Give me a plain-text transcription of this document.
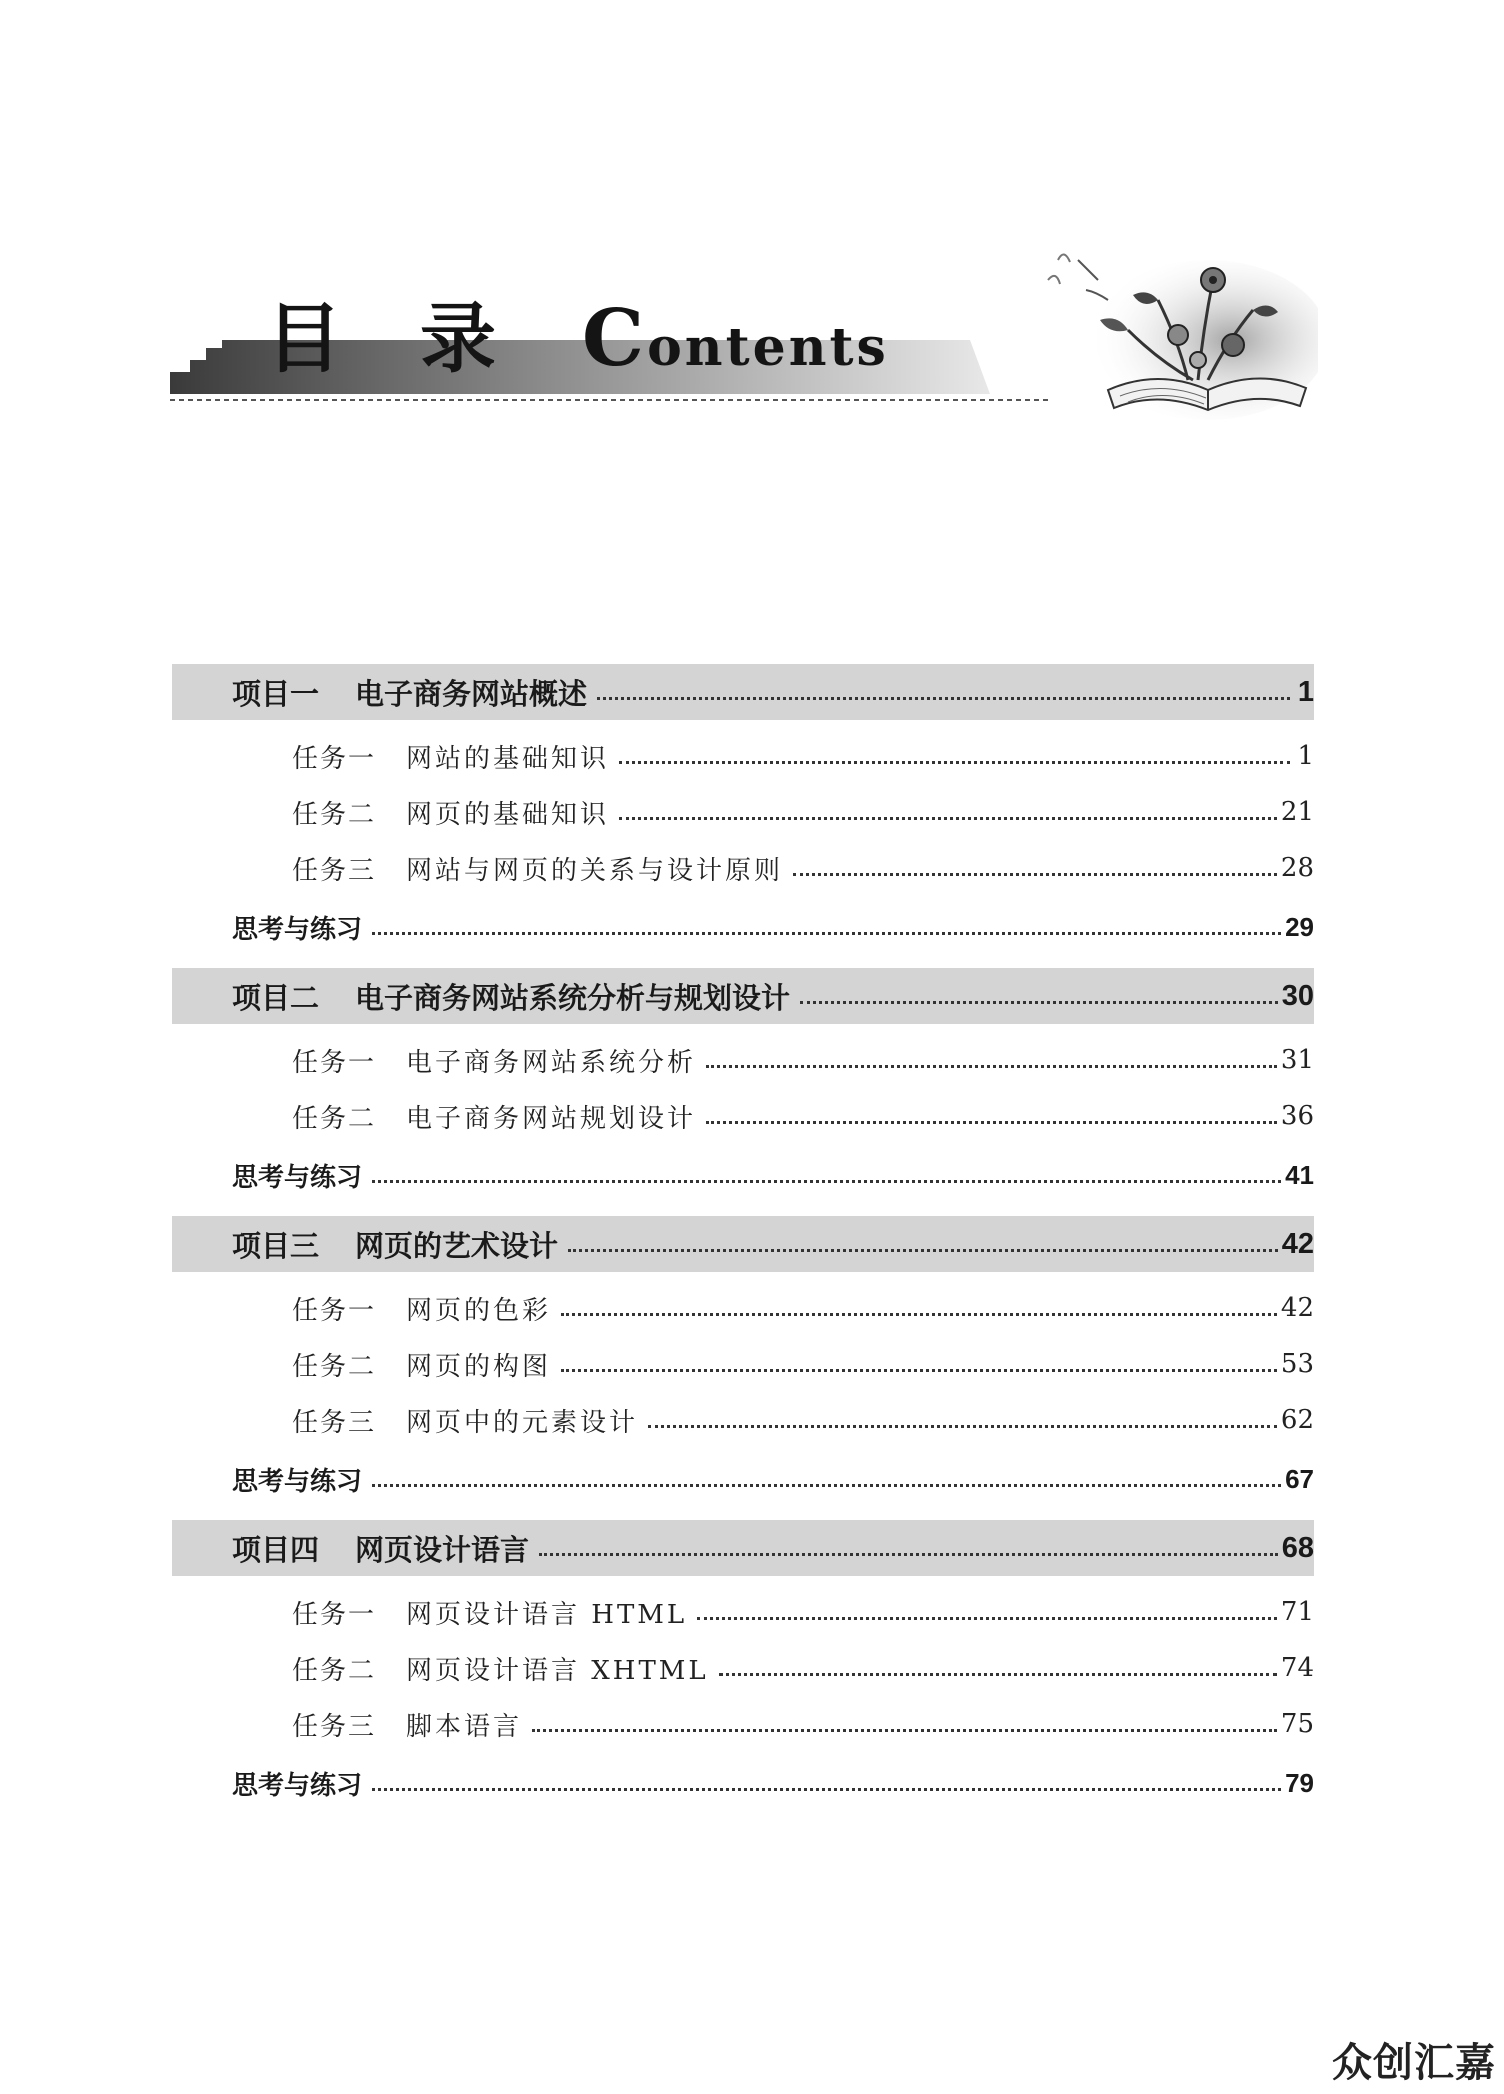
目录 Contents
项目一 电子商务网站概述	1
任务一 网站的基础知识	1
任务二 网页的基础知识	21
任务三 网站与网页的关系与设计原则	28
思考与练习	29
项目二 电子商务网站系统分析与规划设计	30
任务一 电子商务网站系统分析	31
任务二 电子商务网站规划设计	36
思考与练习	41
项目三 网页的艺术设计	42
任务一 网页的色彩	42
任务二 网页的构图	53
任务三 网页中的元素设计	62
思考与练习	67
项目四 网页设计语言	68
任务一 网页设计语言 HTML	71
任务二 网页设计语言 XHTML	74
任务三 脚本语言	75
思考与练习	79
众创汇嘉
